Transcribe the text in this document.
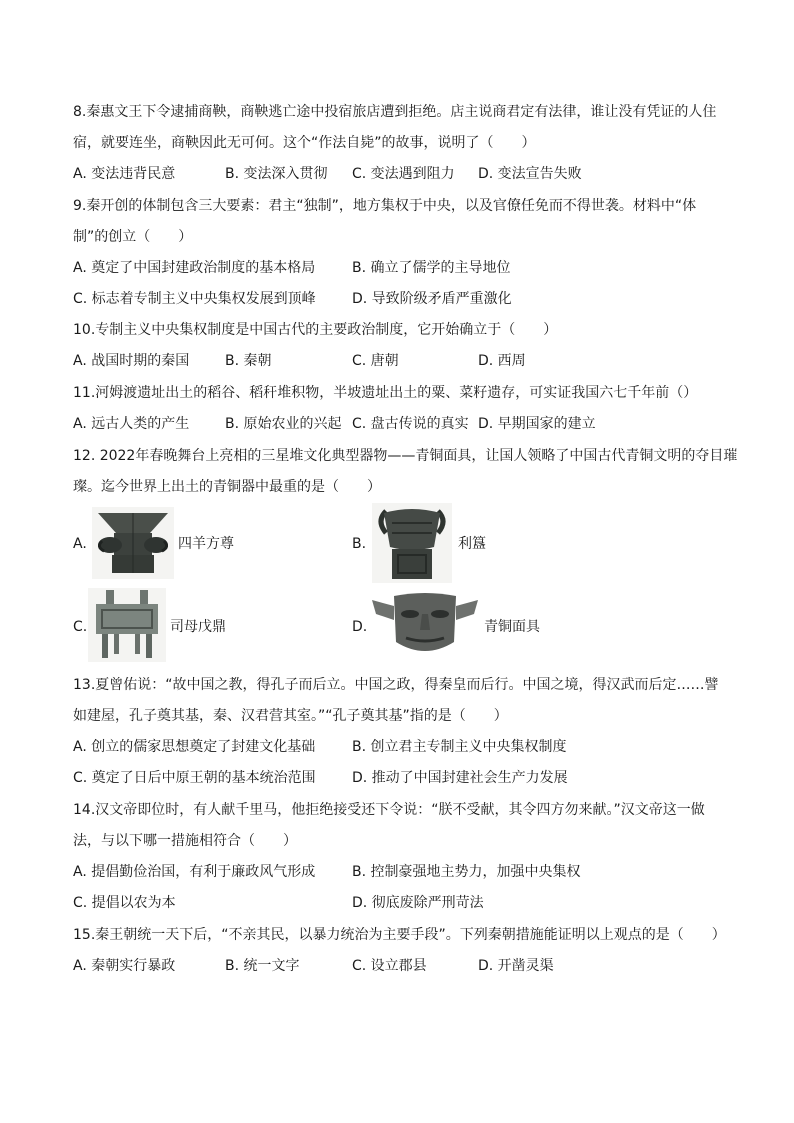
8.秦惠文王下令逮捕商鞅，商鞅逃亡途中投宿旅店遭到拒绝。店主说商君定有法律，谁让没有凭证的人住
宿，就要连坐，商鞅因此无可何。这个“作法自毙”的故事，说明了（　　）
A. 变法违背民意	B. 变法深入贯彻 C. 变法遇到阻力 D. 变法宣告失败
9.秦开创的体制包含三大要素：君主“独制”，地方集权于中央，以及官僚任免而不得世袭。材料中“体
制”的创立（　　）
A. 奠定了中国封建政治制度的基本格局	B. 确立了儒学的主导地位
C. 标志着专制主义中央集权发展到顶峰	D. 导致阶级矛盾严重激化
10.专制主义中央集权制度是中国古代的主要政治制度，它开始确立于（　　）
A. 战国时期的秦国	B. 秦朝	C. 唐朝	D. 西周
11.河姆渡遗址出土的稻谷、稻秆堆积物，半坡遗址出土的粟、菜籽遗存，可实证我国六七千年前（）
A. 远古人类的产生	B. 原始农业的兴起 C. 盘古传说的真实 D. 早期国家的建立
12. 2022年春晚舞台上亮相的三星堆文化典型器物——青铜面具，让国人领略了中国古代青铜文明的夺目璀
璨。迄今世界上出土的青铜器中最重的是（　　）
A.	四羊方尊	B.	利簋
C.	司母戊鼎	D.	青铜面具
13.夏曾佑说：“故中国之教，得孔子而后立。中国之政，得秦皇而后行。中国之境，得汉武而后定……譬
如建屋，孔子奠其基，秦、汉君营其室。”“孔子奠其基”指的是（　　）
A. 创立的儒家思想奠定了封建文化基础	B. 创立君主专制主义中央集权制度
C. 奠定了日后中原王朝的基本统治范围	D. 推动了中国封建社会生产力发展
14.汉文帝即位时，有人献千里马，他拒绝接受还下令说：“朕不受献，其令四方勿来献。”汉文帝这一做
法，与以下哪一措施相符合（　　）
A. 提倡勤俭治国，有利于廉政风气形成	B. 控制豪强地主势力，加强中央集权
C. 提倡以农为本	D. 彻底废除严刑苛法
15.秦王朝统一天下后，“不亲其民，以暴力统治为主要手段”。下列秦朝措施能证明以上观点的是（　　）
A. 秦朝实行暴政	B. 统一文字	C. 设立郡县	D. 开凿灵渠
